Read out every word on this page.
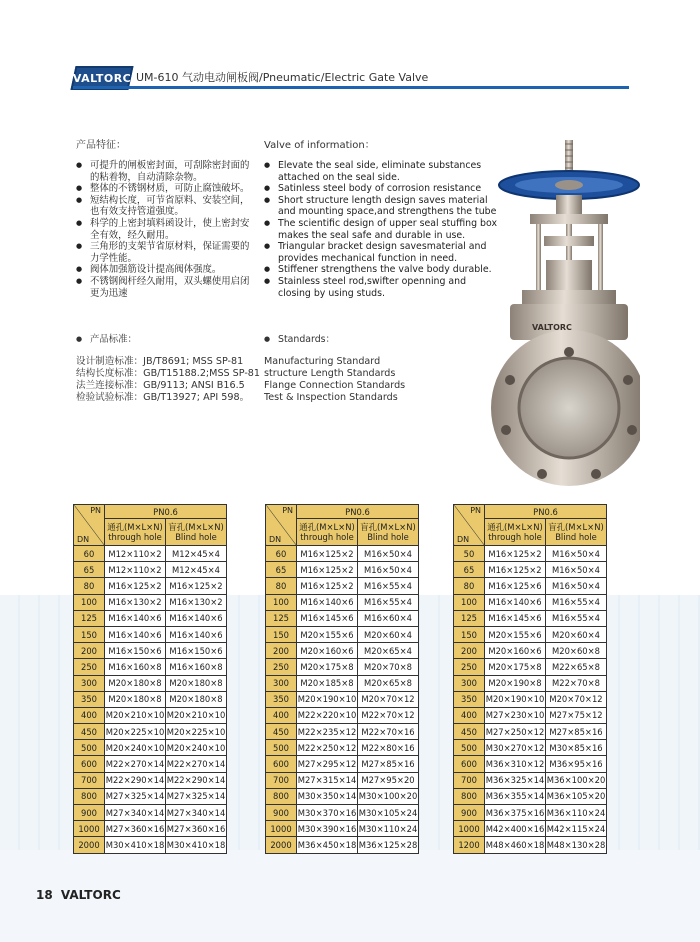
VALTORC UM-610 气动电动闸板阀/Pneumatic/Electric Gate Valve
产品特征：
● 可提升的闸板密封面，可刮除密封面的的粘着物，自动清除杂物。
● 整体的不锈钢材质，可防止腐蚀破坏。
● 短结构长度，可节省原料、安装空间，也有效支持管道强度。
● 科学的上密封填料函设计，使上密封安全有效，经久耐用。
● 三角形的支架节省原材料，保证需要的力学性能。
● 阀体加强筋设计提高阀体强度。
● 不锈钢阀杆经久耐用，双头螺使用启闭更为迅速
● 产品标准：
设计制造标准：JB/T8691; MSS SP-81
结构长度标准：GB/T15188.2;MSS SP-81
法兰连接标准：GB/9113; ANSI B16.5
检验试验标准：GB/T13927; API 598。
Valve of information：
● Elevate the seal side, eliminate substances attached on the seal side.
● Satinless steel body of corrosion resistance
● Short structure length design saves material and mounting space,and strengthens the tube
● The scientific design of upper seal stuffing box makes the seal safe and durable in use.
● Triangular bracket design savesmaterial and provides mechanical function in need.
● Stiffener strengthens the valve body durable.
● Stainless steel rod,swifter openning and closing by using studs.
● Standards：
Manufacturing Standard
structure Length Standards
Flange Connection Standards
Test & Inspection Standards
VALTORC
PN
DN	PN0.6	
	通孔(M×L×N) through hole	盲孔(M×L×N) Blind hole
60	M12×110×2	M12×45×4
65	M12×110×2	M12×45×4
80	M16×125×2	M16×125×2
100	M16×130×2	M16×130×2
125	M16×140×6	M16×140×6
150	M16×140×6	M16×140×6
200	M16×150×6	M16×150×6
250	M16×160×8	M16×160×8
300	M20×180×8	M20×180×8
350	M20×180×8	M20×180×8
400	M20×210×10	M20×210×10
450	M20×225×10	M20×225×10
500	M20×240×10	M20×240×10
600	M22×270×14	M22×270×14
700	M22×290×14	M22×290×14
800	M27×325×14	M27×325×14
900	M27×340×14	M27×340×14
1000	M27×360×16	M27×360×16
2000	M30×410×18	M30×410×18
PN
DN	PN0.6	
	通孔(M×L×N) through hole	盲孔(M×L×N) Blind hole
60	M16×125×2	M16×50×4
65	M16×125×2	M16×50×4
80	M16×125×2	M16×55×4
100	M16×140×6	M16×55×4
125	M16×145×6	M16×60×4
150	M20×155×6	M20×60×4
200	M20×160×6	M20×65×4
250	M20×175×8	M20×70×8
300	M20×185×8	M20×65×8
350	M20×190×10	M20×70×12
400	M22×220×10	M22×70×12
450	M22×235×12	M22×70×16
500	M22×250×12	M22×80×16
600	M27×295×12	M27×85×16
700	M27×315×14	M27×95×20
800	M30×350×14	M30×100×20
900	M30×370×16	M30×105×24
1000	M30×390×16	M30×110×24
2000	M36×450×18	M36×125×28
PN
DN	PN0.6	
	通孔(M×L×N) through hole	盲孔(M×L×N) Blind hole
50	M16×125×2	M16×50×4
65	M16×125×2	M16×50×4
80	M16×125×6	M16×50×4
100	M16×140×6	M16×55×4
125	M16×145×6	M16×55×4
150	M20×155×6	M20×60×4
200	M20×160×6	M20×60×8
250	M20×175×8	M22×65×8
300	M20×190×8	M22×70×8
350	M20×190×10	M20×70×12
400	M27×230×10	M27×75×12
450	M27×250×12	M27×85×16
500	M30×270×12	M30×85×16
600	M36×310×12	M36×95×16
700	M36×325×14	M36×100×20
800	M36×355×14	M36×105×20
900	M36×375×16	M36×110×24
1000	M42×400×16	M42×115×24
1200	M48×460×18	M48×130×28
18 VALTORC
